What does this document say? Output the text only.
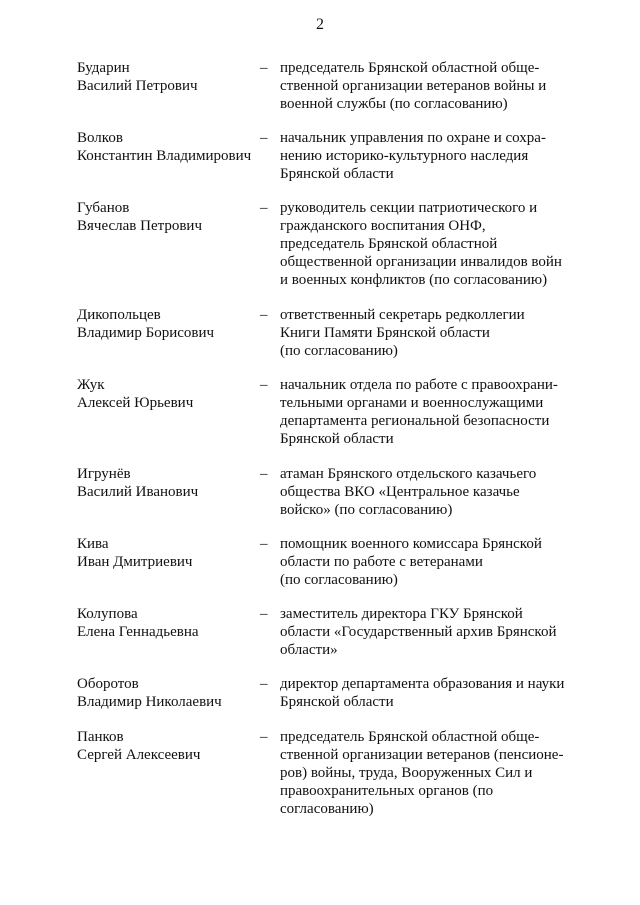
2
Бударин
Василий Петрович
– председатель Брянской областной обще-
ственной организации ветеранов войны и
военной службы (по согласованию)
Волков
Константин Владимирович
– начальник управления по охране и сохра-
нению историко-культурного наследия
Брянской области
Губанов
Вячеслав Петрович
– руководитель секции патриотического и
гражданского воспитания ОНФ,
председатель Брянской областной
общественной организации инвалидов войн
и военных конфликтов (по согласованию)
Дикопольцев
Владимир Борисович
– ответственный секретарь редколлегии
Книги Памяти Брянской области
(по согласованию)
Жук
Алексей Юрьевич
– начальник отдела по работе с правоохрани-
тельными органами и военнослужащими
департамента региональной безопасности
Брянской области
Игрунёв
Василий Иванович
– атаман Брянского отдельского казачьего
общества ВКО «Центральное казачье
войско» (по согласованию)
Кива
Иван Дмитриевич
– помощник военного комиссара Брянской
области по работе с ветеранами
(по согласованию)
Колупова
Елена Геннадьевна
– заместитель директора ГКУ Брянской
области «Государственный архив Брянской
области»
Оборотов
Владимир Николаевич
– директор департамента образования и науки
Брянской области
Панков
Сергей Алексеевич
– председатель Брянской областной обще-
ственной организации ветеранов (пенсионе-
ров) войны, труда, Вооруженных Сил и
правоохранительных органов (по
согласованию)
